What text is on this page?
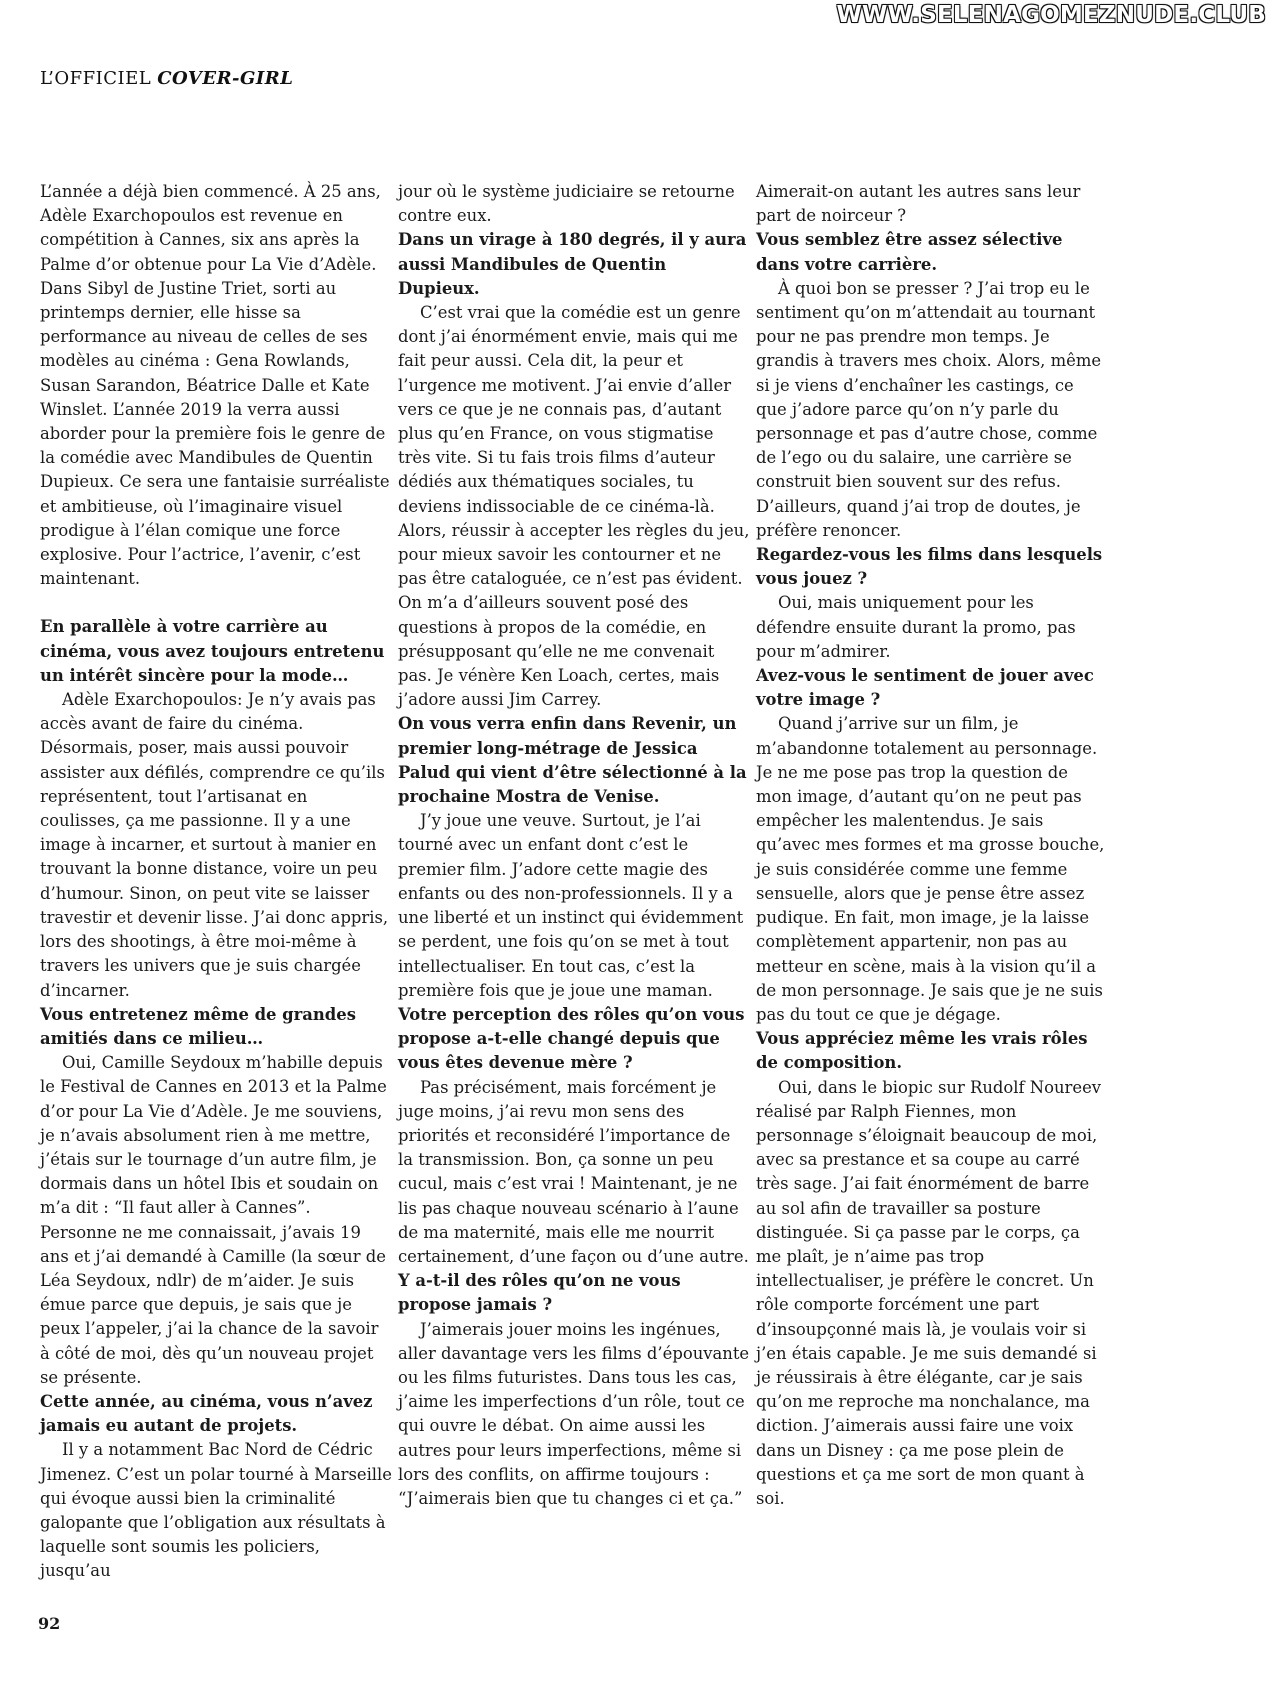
WWW.SELENAGOMEZNUDE.CLUB
L’OFFICIEL COVER-GIRL

L’année a déjà bien commencé. À 25 ans, Adèle Exarchopoulos est revenue en compétition à Cannes, six ans après la Palme d’or obtenue pour La Vie d’Adèle. Dans Sibyl de Justine Triet, sorti au printemps dernier, elle hisse sa performance au niveau de celles de ses modèles au cinéma : Gena Rowlands, Susan Sarandon, Béatrice Dalle et Kate Winslet. L’année 2019 la verra aussi aborder pour la première fois le genre de la comédie avec Mandibules de Quentin Dupieux. Ce sera une fantaisie surréaliste et ambitieuse, où l’imaginaire visuel prodigue à l’élan comique une force explosive. Pour l’actrice, l’avenir, c’est maintenant.

En parallèle à votre carrière au cinéma, vous avez toujours entretenu un intérêt sincère pour la mode…

Adèle Exarchopoulos: Je n’y avais pas accès avant de faire du cinéma. Désormais, poser, mais aussi pouvoir assister aux défilés, comprendre ce qu’ils représentent, tout l’artisanat en coulisses, ça me passionne. Il y a une image à incarner, et surtout à manier en trouvant la bonne distance, voire un peu d’humour. Sinon, on peut vite se laisser travestir et devenir lisse. J’ai donc appris, lors des shootings, à être moi-même à travers les univers que je suis chargée d’incarner.

Vous entretenez même de grandes amitiés dans ce milieu…

Oui, Camille Seydoux m’habille depuis le Festival de Cannes en 2013 et la Palme d’or pour La Vie d’Adèle. Je me souviens, je n’avais absolument rien à me mettre, j’étais sur le tournage d’un autre film, je dormais dans un hôtel Ibis et soudain on m’a dit : “Il faut aller à Cannes”. Personne ne me connaissait, j’avais 19 ans et j’ai demandé à Camille (la sœur de Léa Seydoux, ndlr) de m’aider. Je suis émue parce que depuis, je sais que je peux l’appeler, j’ai la chance de la savoir à côté de moi, dès qu’un nouveau projet se présente.

Cette année, au cinéma, vous n’avez jamais eu autant de projets.

Il y a notamment Bac Nord de Cédric Jimenez. C’est un polar tourné à Marseille qui évoque aussi bien la criminalité galopante que l’obligation aux résultats à laquelle sont soumis les policiers, jusqu’au

jour où le système judiciaire se retourne contre eux.

Dans un virage à 180 degrés, il y aura aussi Mandibules de Quentin Dupieux.

C’est vrai que la comédie est un genre dont j’ai énormément envie, mais qui me fait peur aussi. Cela dit, la peur et l’urgence me motivent. J’ai envie d’aller vers ce que je ne connais pas, d’autant plus qu’en France, on vous stigmatise très vite. Si tu fais trois films d’auteur dédiés aux thématiques sociales, tu deviens indissociable de ce cinéma-là. Alors, réussir à accepter les règles du jeu, pour mieux savoir les contourner et ne pas être cataloguée, ce n’est pas évident. On m’a d’ailleurs souvent posé des questions à propos de la comédie, en présupposant qu’elle ne me convenait pas. Je vénère Ken Loach, certes, mais j’adore aussi Jim Carrey.

On vous verra enfin dans Revenir, un premier long-métrage de Jessica Palud qui vient d’être sélectionné à la prochaine Mostra de Venise.

J’y joue une veuve. Surtout, je l’ai tourné avec un enfant dont c’est le premier film. J’adore cette magie des enfants ou des non-professionnels. Il y a une liberté et un instinct qui évidemment se perdent, une fois qu’on se met à tout intellectualiser. En tout cas, c’est la première fois que je joue une maman.

Votre perception des rôles qu’on vous propose a-t-elle changé depuis que vous êtes devenue mère ?

Pas précisément, mais forcément je juge moins, j’ai revu mon sens des priorités et reconsidéré l’importance de la transmission. Bon, ça sonne un peu cucul, mais c’est vrai ! Maintenant, je ne lis pas chaque nouveau scénario à l’aune de ma maternité, mais elle me nourrit certainement, d’une façon ou d’une autre.

Y a-t-il des rôles qu’on ne vous propose jamais ?

J’aimerais jouer moins les ingénues, aller davantage vers les films d’épouvante ou les films futuristes. Dans tous les cas, j’aime les imperfections d’un rôle, tout ce qui ouvre le débat. On aime aussi les autres pour leurs imperfections, même si lors des conflits, on affirme toujours : “J’aimerais bien que tu changes ci et ça.”

Aimerait-on autant les autres sans leur part de noirceur ?

Vous semblez être assez sélective dans votre carrière.

À quoi bon se presser ? J’ai trop eu le sentiment qu’on m’attendait au tournant pour ne pas prendre mon temps. Je grandis à travers mes choix. Alors, même si je viens d’enchaîner les castings, ce que j’adore parce qu’on n’y parle du personnage et pas d’autre chose, comme de l’ego ou du salaire, une carrière se construit bien souvent sur des refus. D’ailleurs, quand j’ai trop de doutes, je préfère renoncer.

Regardez-vous les films dans lesquels vous jouez ?

Oui, mais uniquement pour les défendre ensuite durant la promo, pas pour m’admirer.

Avez-vous le sentiment de jouer avec votre image ?

Quand j’arrive sur un film, je m’abandonne totalement au personnage. Je ne me pose pas trop la question de mon image, d’autant qu’on ne peut pas empêcher les malentendus. Je sais qu’avec mes formes et ma grosse bouche, je suis considérée comme une femme sensuelle, alors que je pense être assez pudique. En fait, mon image, je la laisse complètement appartenir, non pas au metteur en scène, mais à la vision qu’il a de mon personnage. Je sais que je ne suis pas du tout ce que je dégage.

Vous appréciez même les vrais rôles de composition.

Oui, dans le biopic sur Rudolf Noureev réalisé par Ralph Fiennes, mon personnage s’éloignait beaucoup de moi, avec sa prestance et sa coupe au carré très sage. J’ai fait énormément de barre au sol afin de travailler sa posture distinguée. Si ça passe par le corps, ça me plaît, je n’aime pas trop intellectualiser, je préfère le concret. Un rôle comporte forcément une part d’insoupçonné mais là, je voulais voir si j’en étais capable. Je me suis demandé si je réussirais à être élégante, car je sais qu’on me reproche ma nonchalance, ma diction. J’aimerais aussi faire une voix dans un Disney : ça me pose plein de questions et ça me sort de mon quant à soi.

92
